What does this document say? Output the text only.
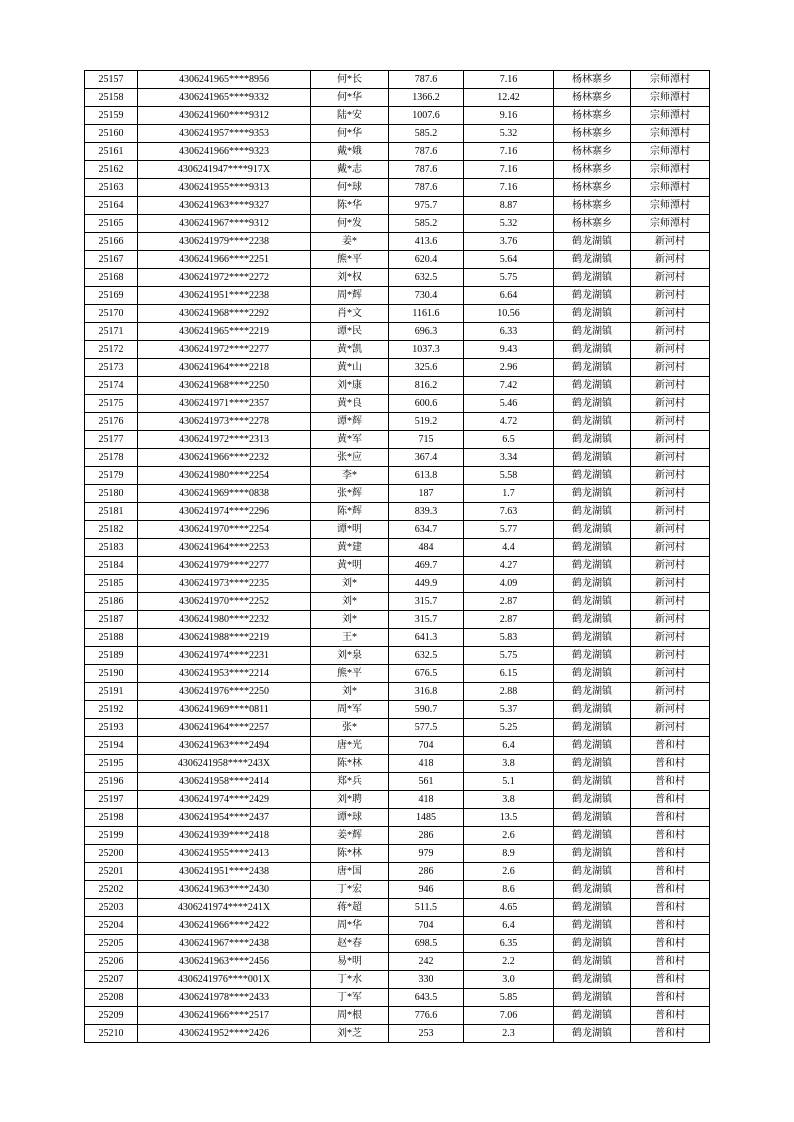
25157	4306241965****8956	何*长	787.6	7.16	杨林寨乡	宗师潭村
25158	4306241965****9332	何*华	1366.2	12.42	杨林寨乡	宗师潭村
25159	4306241960****9312	陆*安	1007.6	9.16	杨林寨乡	宗师潭村
25160	4306241957****9353	何*华	585.2	5.32	杨林寨乡	宗师潭村
25161	4306241966****9323	戴*娥	787.6	7.16	杨林寨乡	宗师潭村
25162	4306241947****917X	戴*志	787.6	7.16	杨林寨乡	宗师潭村
25163	4306241955****9313	何*球	787.6	7.16	杨林寨乡	宗师潭村
25164	4306241963****9327	陈*华	975.7	8.87	杨林寨乡	宗师潭村
25165	4306241967****9312	何*发	585.2	5.32	杨林寨乡	宗师潭村
25166	4306241979****2238	姜*	413.6	3.76	鹤龙湖镇	新河村
25167	4306241966****2251	熊*平	620.4	5.64	鹤龙湖镇	新河村
25168	4306241972****2272	刘*权	632.5	5.75	鹤龙湖镇	新河村
25169	4306241951****2238	周*辉	730.4	6.64	鹤龙湖镇	新河村
25170	4306241968****2292	肖*文	1161.6	10.56	鹤龙湖镇	新河村
25171	4306241965****2219	谭*民	696.3	6.33	鹤龙湖镇	新河村
25172	4306241972****2277	黄*凯	1037.3	9.43	鹤龙湖镇	新河村
25173	4306241964****2218	黄*山	325.6	2.96	鹤龙湖镇	新河村
25174	4306241968****2250	刘*康	816.2	7.42	鹤龙湖镇	新河村
25175	4306241971****2357	黄*良	600.6	5.46	鹤龙湖镇	新河村
25176	4306241973****2278	谭*辉	519.2	4.72	鹤龙湖镇	新河村
25177	4306241972****2313	黄*军	715	6.5	鹤龙湖镇	新河村
25178	4306241966****2232	张*应	367.4	3.34	鹤龙湖镇	新河村
25179	4306241980****2254	李*	613.8	5.58	鹤龙湖镇	新河村
25180	4306241969****0838	张*辉	187	1.7	鹤龙湖镇	新河村
25181	4306241974****2296	陈*辉	839.3	7.63	鹤龙湖镇	新河村
25182	4306241970****2254	谭*明	634.7	5.77	鹤龙湖镇	新河村
25183	4306241964****2253	黄*建	484	4.4	鹤龙湖镇	新河村
25184	4306241979****2277	黄*明	469.7	4.27	鹤龙湖镇	新河村
25185	4306241973****2235	刘*	449.9	4.09	鹤龙湖镇	新河村
25186	4306241970****2252	刘*	315.7	2.87	鹤龙湖镇	新河村
25187	4306241980****2232	刘*	315.7	2.87	鹤龙湖镇	新河村
25188	4306241988****2219	王*	641.3	5.83	鹤龙湖镇	新河村
25189	4306241974****2231	刘*泉	632.5	5.75	鹤龙湖镇	新河村
25190	4306241953****2214	熊*平	676.5	6.15	鹤龙湖镇	新河村
25191	4306241976****2250	刘*	316.8	2.88	鹤龙湖镇	新河村
25192	4306241969****0811	周*军	590.7	5.37	鹤龙湖镇	新河村
25193	4306241964****2257	张*	577.5	5.25	鹤龙湖镇	新河村
25194	4306241963****2494	唐*光	704	6.4	鹤龙湖镇	普和村
25195	4306241958****243X	陈*林	418	3.8	鹤龙湖镇	普和村
25196	4306241958****2414	郑*兵	561	5.1	鹤龙湖镇	普和村
25197	4306241974****2429	刘*聘	418	3.8	鹤龙湖镇	普和村
25198	4306241954****2437	谭*球	1485	13.5	鹤龙湖镇	普和村
25199	4306241939****2418	姜*辉	286	2.6	鹤龙湖镇	普和村
25200	4306241955****2413	陈*林	979	8.9	鹤龙湖镇	普和村
25201	4306241951****2438	唐*国	286	2.6	鹤龙湖镇	普和村
25202	4306241963****2430	丁*宏	946	8.6	鹤龙湖镇	普和村
25203	4306241974****241X	蒋*超	511.5	4.65	鹤龙湖镇	普和村
25204	4306241966****2422	周*华	704	6.4	鹤龙湖镇	普和村
25205	4306241967****2438	赵*春	698.5	6.35	鹤龙湖镇	普和村
25206	4306241963****2456	易*明	242	2.2	鹤龙湖镇	普和村
25207	4306241976****001X	丁*水	330	3.0	鹤龙湖镇	普和村
25208	4306241978****2433	丁*军	643.5	5.85	鹤龙湖镇	普和村
25209	4306241966****2517	周*根	776.6	7.06	鹤龙湖镇	普和村
25210	4306241952****2426	刘*芝	253	2.3	鹤龙湖镇	普和村
